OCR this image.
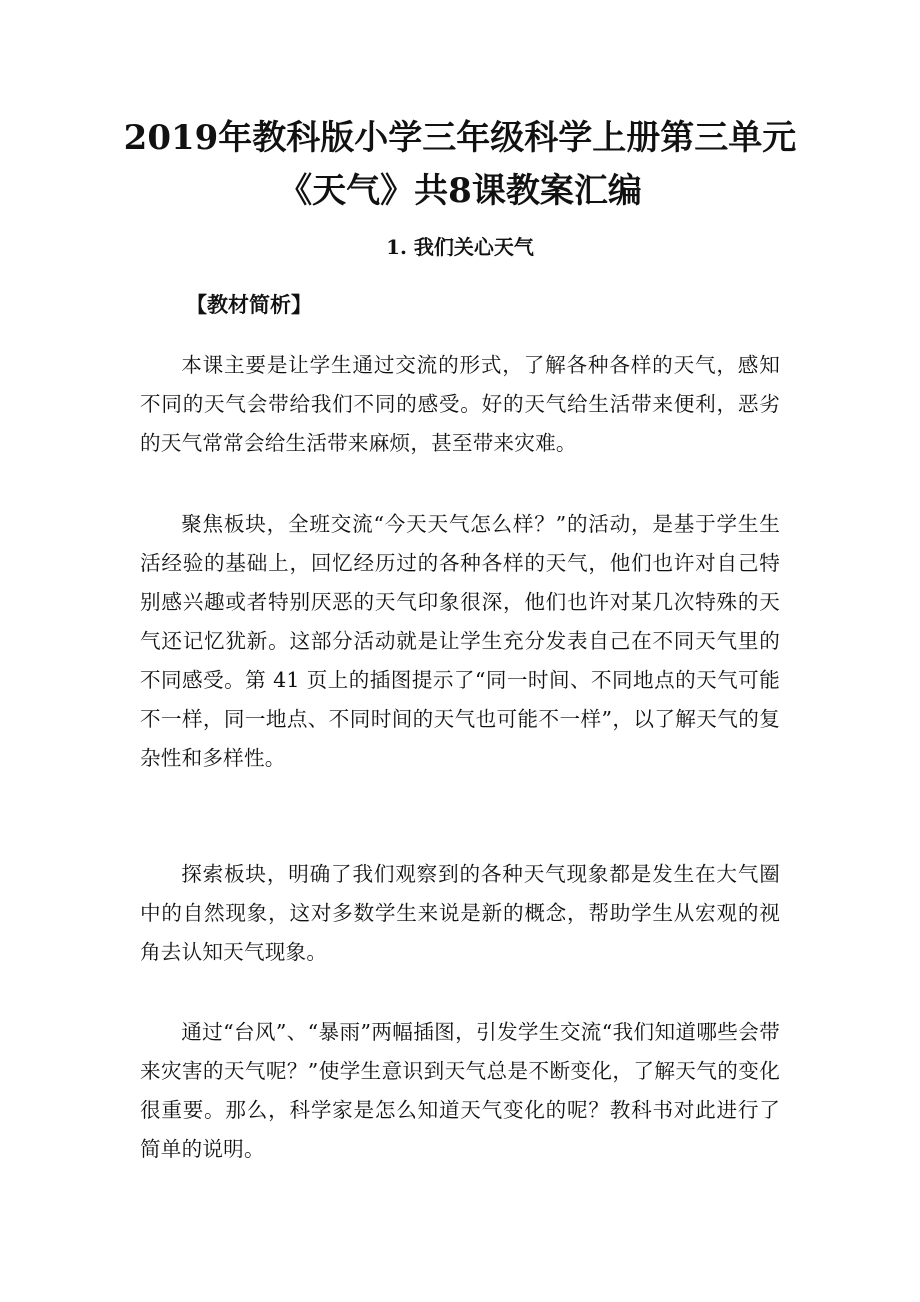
2019年教科版小学三年级科学上册第三单元《天气》共8课教案汇编
1. 我们关心天气
【教材简析】

本课主要是让学生通过交流的形式，了解各种各样的天气，感知不同的天气会带给我们不同的感受。好的天气给生活带来便利，恶劣的天气常常会给生活带来麻烦，甚至带来灾难。

聚焦板块，全班交流“今天天气怎么样？”的活动，是基于学生生活经验的基础上，回忆经历过的各种各样的天气，他们也许对自己特别感兴趣或者特别厌恶的天气印象很深，他们也许对某几次特殊的天气还记忆犹新。这部分活动就是让学生充分发表自己在不同天气里的不同感受。第 41 页上的插图提示了“同一时间、不同地点的天气可能不一样，同一地点、不同时间的天气也可能不一样”，以了解天气的复杂性和多样性。

探索板块，明确了我们观察到的各种天气现象都是发生在大气圈中的自然现象，这对多数学生来说是新的概念，帮助学生从宏观的视角去认知天气现象。

通过“台风”、“暴雨”两幅插图，引发学生交流“我们知道哪些会带来灾害的天气呢？”使学生意识到天气总是不断变化，了解天气的变化很重要。那么，科学家是怎么知道天气变化的呢？教科书对此进行了简单的说明。
